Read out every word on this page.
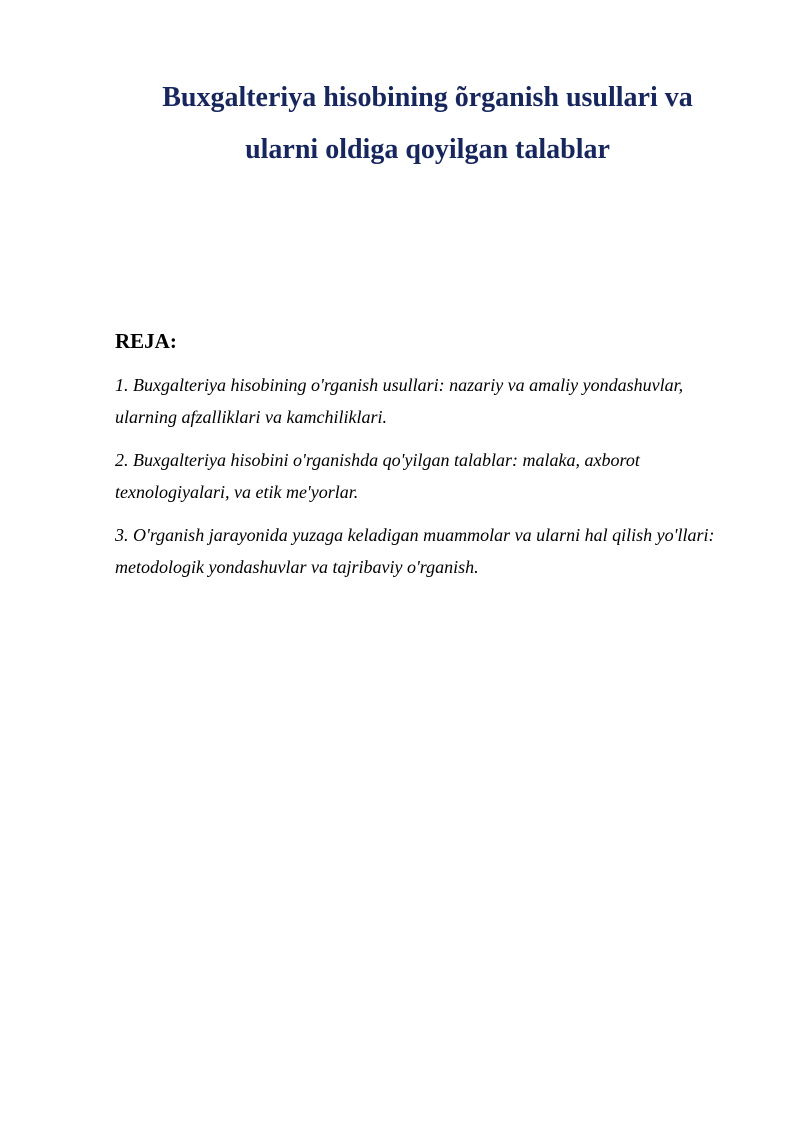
Buxgalteriya hisobining õrganish usullari va
ularni oldiga qoyilgan talablar
REJA:
1. Buxgalteriya hisobining o'rganish usullari: nazariy va amaliy yondashuvlar,
ularning afzalliklari va kamchiliklari.
2. Buxgalteriya hisobini o'rganishda qo'yilgan talablar: malaka, axborot
texnologiyalari, va etik me'yorlar.
3. O'rganish jarayonida yuzaga keladigan muammolar va ularni hal qilish yo'llari:
metodologik yondashuvlar va tajribaviy o'rganish.
